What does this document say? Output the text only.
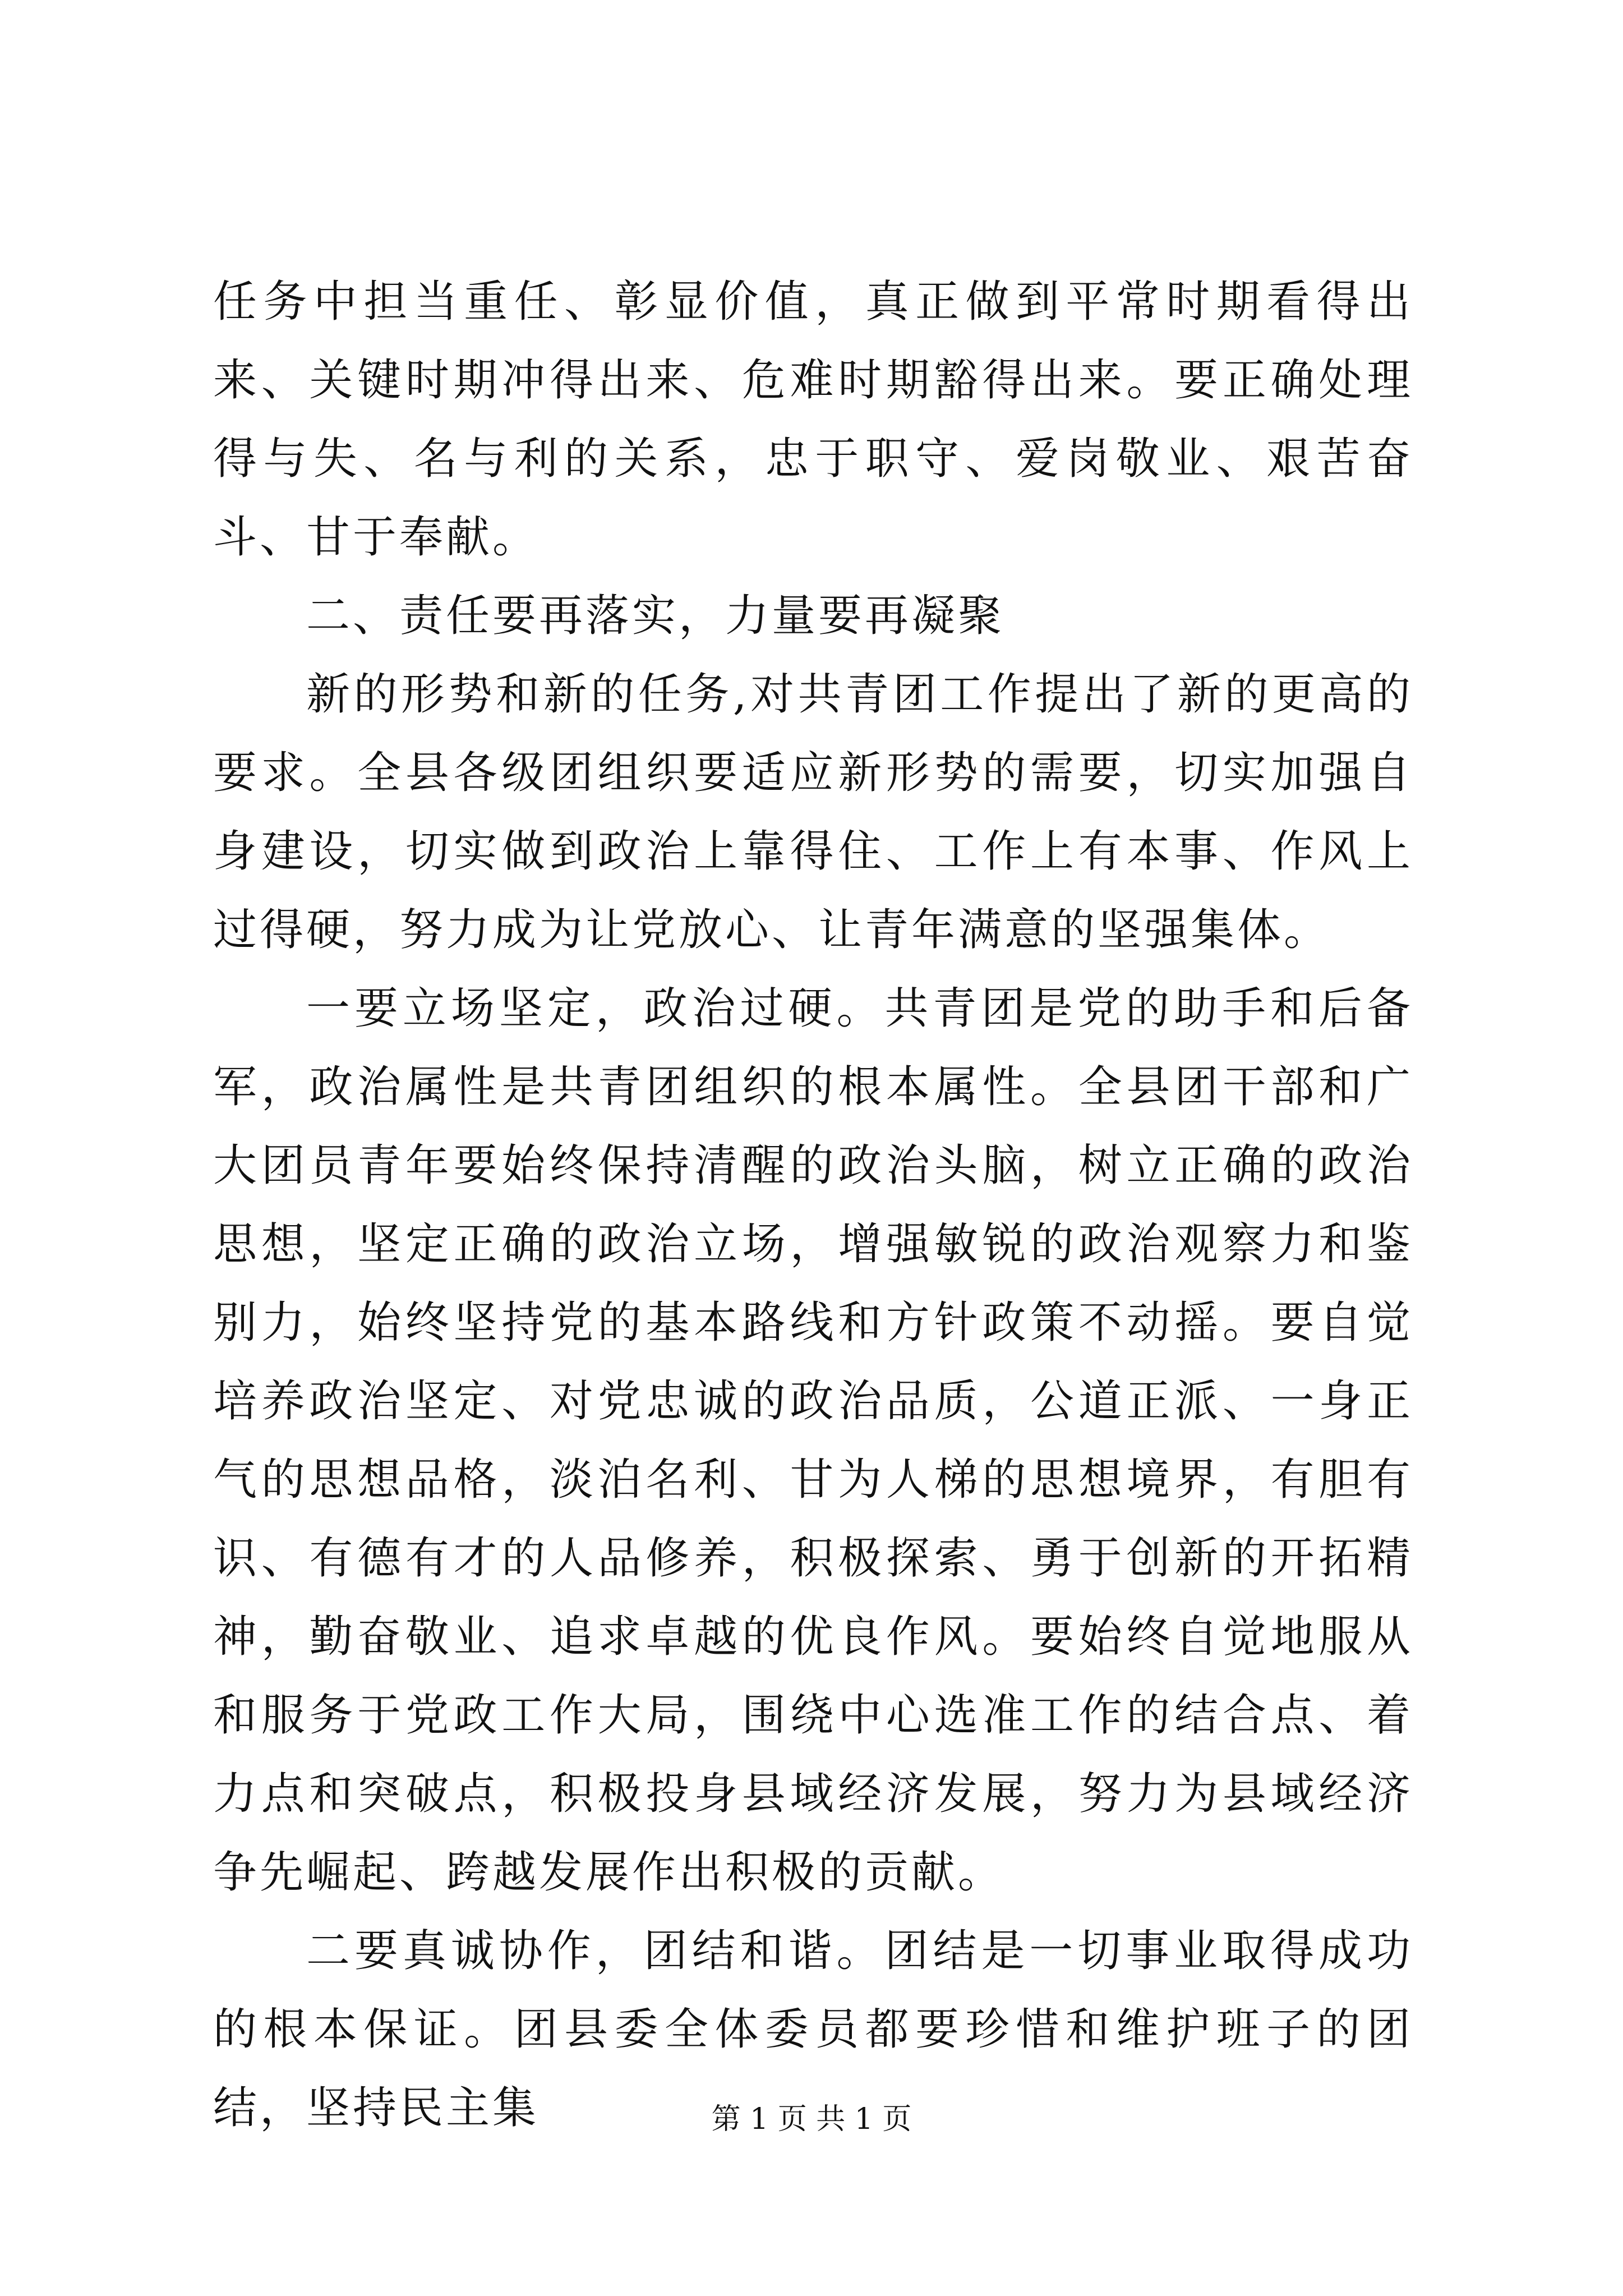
任务中担当重任、彰显价值，真正做到平常时期看得出来、关键时期冲得出来、危难时期豁得出来。要正确处理得与失、名与利的关系，忠于职守、爱岗敬业、艰苦奋斗、甘于奉献。

二、责任要再落实，力量要再凝聚

新的形势和新的任务,对共青团工作提出了新的更高的要求。全县各级团组织要适应新形势的需要，切实加强自身建设，切实做到政治上靠得住、工作上有本事、作风上过得硬，努力成为让党放心、让青年满意的坚强集体。

一要立场坚定，政治过硬。共青团是党的助手和后备军，政治属性是共青团组织的根本属性。全县团干部和广大团员青年要始终保持清醒的政治头脑，树立正确的政治思想，坚定正确的政治立场，增强敏锐的政治观察力和鉴别力，始终坚持党的基本路线和方针政策不动摇。要自觉培养政治坚定、对党忠诚的政治品质，公道正派、一身正气的思想品格，淡泊名利、甘为人梯的思想境界，有胆有识、有德有才的人品修养，积极探索、勇于创新的开拓精神，勤奋敬业、追求卓越的优良作风。要始终自觉地服从和服务于党政工作大局，围绕中心选准工作的结合点、着力点和突破点，积极投身县域经济发展，努力为县域经济争先崛起、跨越发展作出积极的贡献。

二要真诚协作，团结和谐。团结是一切事业取得成功的根本保证。团县委全体委员都要珍惜和维护班子的团结，坚持民主集	第 1 页 共 1 页
